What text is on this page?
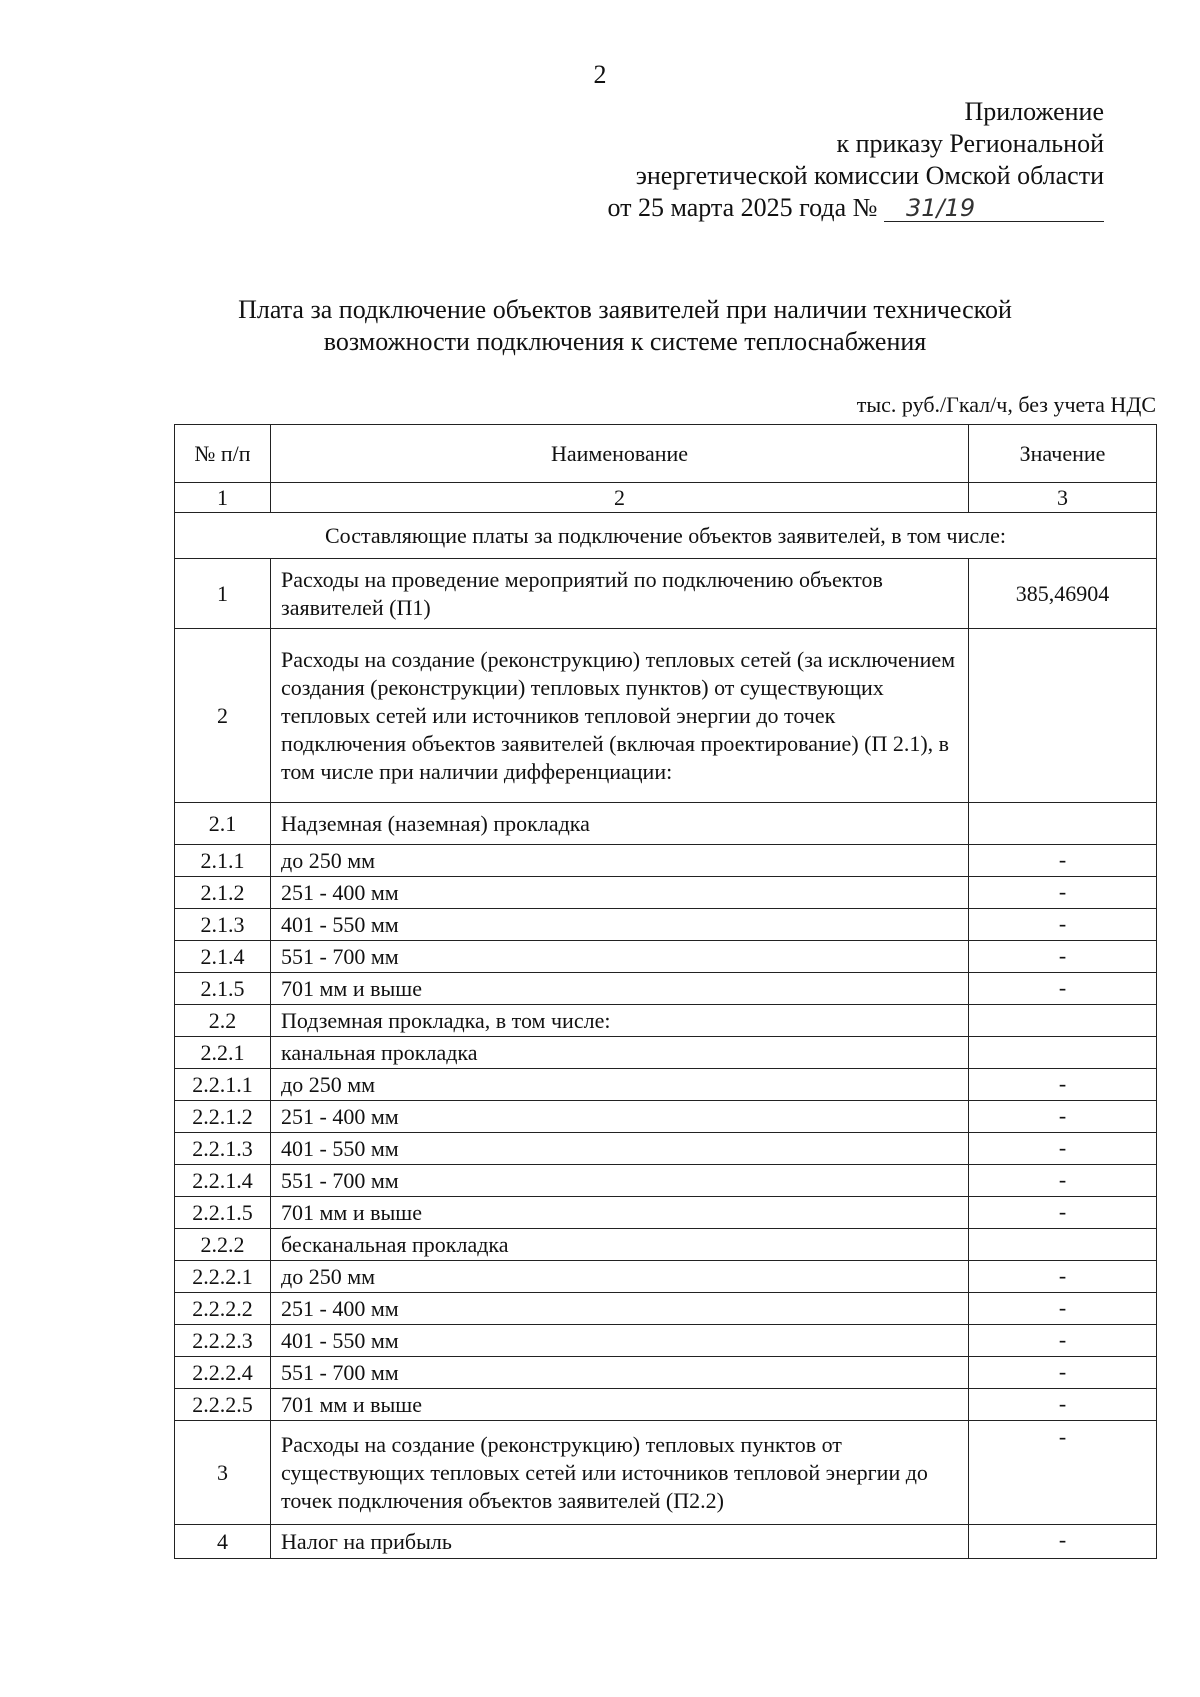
2
Приложение
к приказу Региональной
энергетической комиссии Омской области
от 25 марта 2025 года № 31/19
Плата за подключение объектов заявителей при наличии технической
возможности подключения к системе теплоснабжения
тыс. руб./Гкал/ч, без учета НДС
№ п/п	Наименование	Значение
1	2	3
Составляющие платы за подключение объектов заявителей, в том числе:		
1	Расходы на проведение мероприятий по подключению объектов заявителей (П1)	385,46904
2	Расходы на создание (реконструкцию) тепловых сетей (за исключением создания (реконструкции) тепловых пунктов) от существующих тепловых сетей или источников тепловой энергии до точек подключения объектов заявителей (включая проектирование) (П 2.1), в том числе при наличии дифференциации:	
2.1	Надземная (наземная) прокладка	
2.1.1	до 250 мм	-
2.1.2	251 - 400 мм	-
2.1.3	401 - 550 мм	-
2.1.4	551 - 700 мм	-
2.1.5	701 мм и выше	-
2.2	Подземная прокладка, в том числе:	
2.2.1	канальная прокладка	
2.2.1.1	до 250 мм	-
2.2.1.2	251 - 400 мм	-
2.2.1.3	401 - 550 мм	-
2.2.1.4	551 - 700 мм	-
2.2.1.5	701 мм и выше	-
2.2.2	бесканальная прокладка	
2.2.2.1	до 250 мм	-
2.2.2.2	251 - 400 мм	-
2.2.2.3	401 - 550 мм	-
2.2.2.4	551 - 700 мм	-
2.2.2.5	701 мм и выше	-
3	Расходы на создание (реконструкцию) тепловых пунктов от существующих тепловых сетей или источников тепловой энергии до точек подключения объектов заявителей (П2.2)	-
4	Налог на прибыль	-
